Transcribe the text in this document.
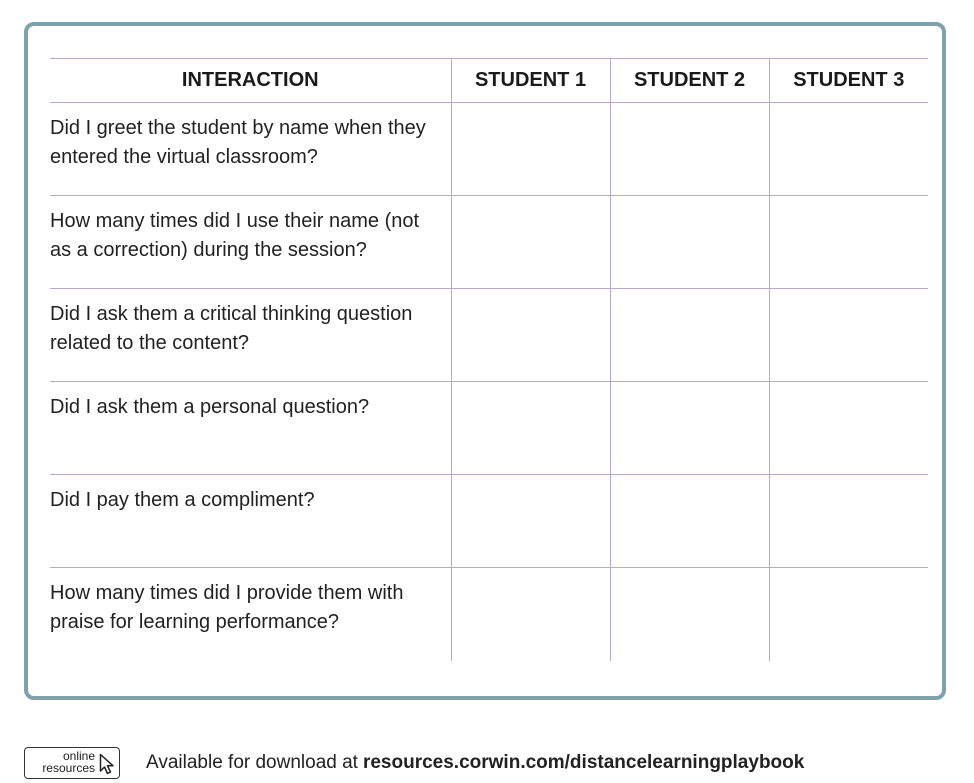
INTERACTION	STUDENT 1	STUDENT 2	STUDENT 3
Did I greet the student by name when they entered the virtual classroom?			
How many times did I use their name (not as a correction) during the session?			
Did I ask them a critical thinking question related to the content?			
Did I ask them a personal question?			
Did I pay them a compliment?			
How many times did I provide them with praise for learning performance?			
online
resources	Available for download at resources.corwin.com/distancelearningplaybook
